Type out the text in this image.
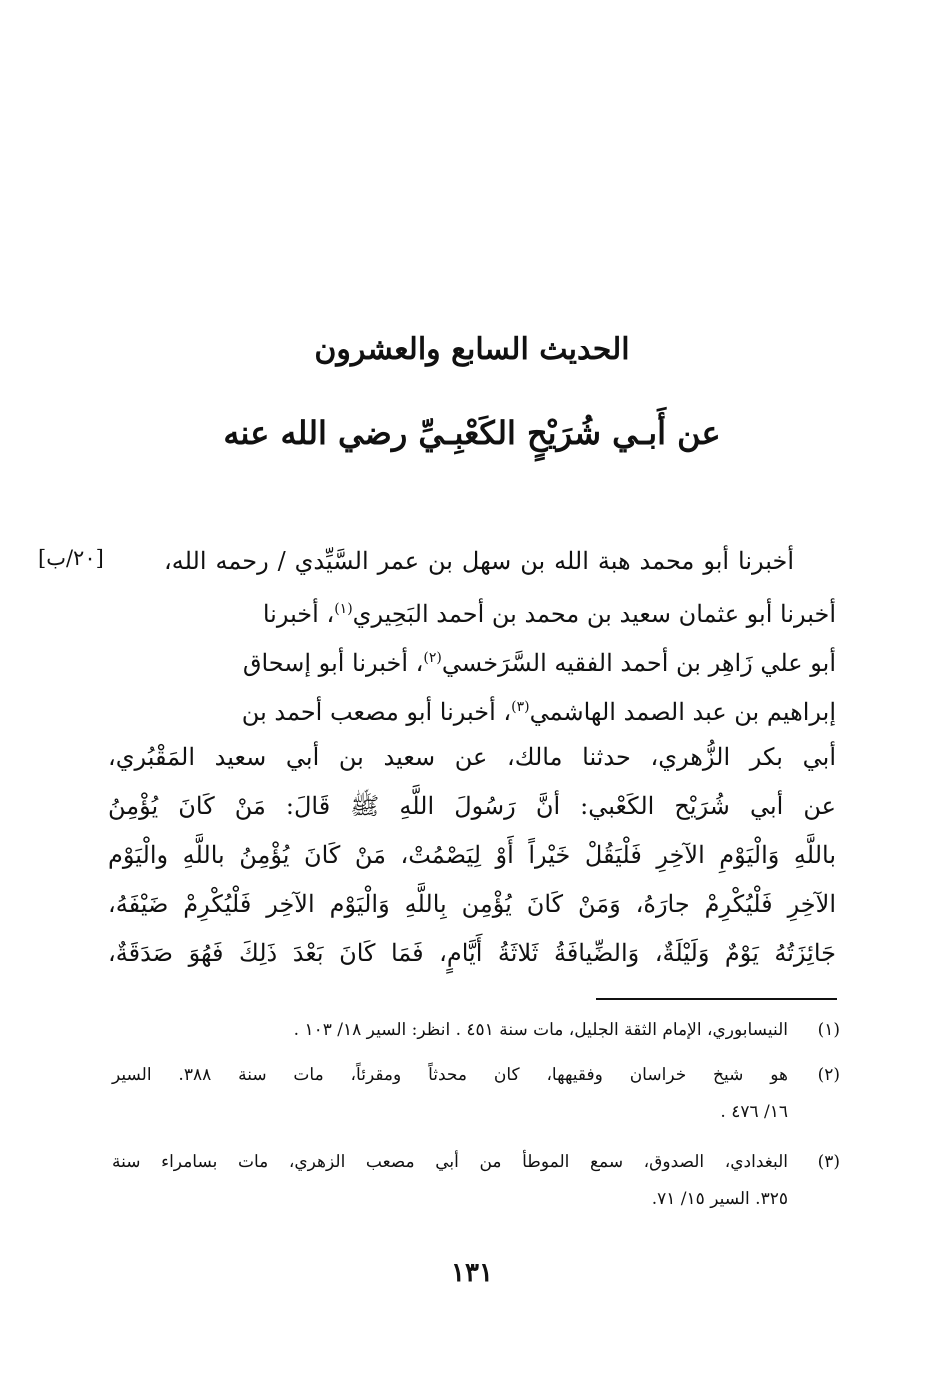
الحديث السابع والعشرون
عن أَبـي شُرَيْحٍ الكَعْبِـيِّ رضي الله عنه
[٢٠/ب]	أخبرنا أبو محمد هبة الله بن سهل بن عمر السَّيِّدي / رحمه الله،
أخبرنا أبو عثمان سعيد بن محمد بن أحمد البَحِيري$^{(١)}$، أخبرنا
أبو علي زَاهِر بن أحمد الفقيه السَّرَخسي$^{(٢)}$، أخبرنا أبو إسحاق
إبراهيم بن عبد الصمد الهاشمي$^{(٣)}$، أخبرنا أبو مصعب أحمد بن
أبي بكر الزُّهري، حدثنا مالك، عن سعيد بن أبي سعيد المَقْبُري،
عن أبي شُرَيْح الكَعْبي: أنَّ رَسُولَ اللَّهِ ﷺ قَالَ: مَنْ كَانَ يُؤْمِنُ
باللَّهِ وَالْيَوْمِ الآخِرِ فَلْيَقُلْ خَيْراً أَوْ لِيَصْمُتْ، مَنْ كَانَ يُؤْمِنُ باللَّهِ والْيَوْم
الآخِرِ فَلْيُكْرِمْ جارَهُ، وَمَنْ كَانَ يُؤْمِن بِاللَّهِ وَالْيَوْم الآخِر فَلْيُكْرِمْ ضَيْفَهُ،
جَائِزَتُهُ يَوْمٌ وَلَيْلَةٌ، وَالضِّيافَةُ ثَلاثَةُ أَيَّامٍ، فَمَا كَانَ بَعْدَ ذَلِكَ فَهُوَ صَدَقَةٌ،
(١)
النيسابوري، الإمام الثقة الجليل، مات سنة ٤٥١ . انظر: السير ١٨/ ١٠٣ .
(٢)
هو شيخ خراسان وفقيهها، كان محدثاً ومقرئاً، مات سنة ٣٨٨. السير
١٦/ ٤٧٦ .
(٣)
البغدادي، الصدوق، سمع الموطأ من أبي مصعب الزهري، مات بسامراء سنة
٣٢٥. السير ١٥/ ٧١.
١٣١
